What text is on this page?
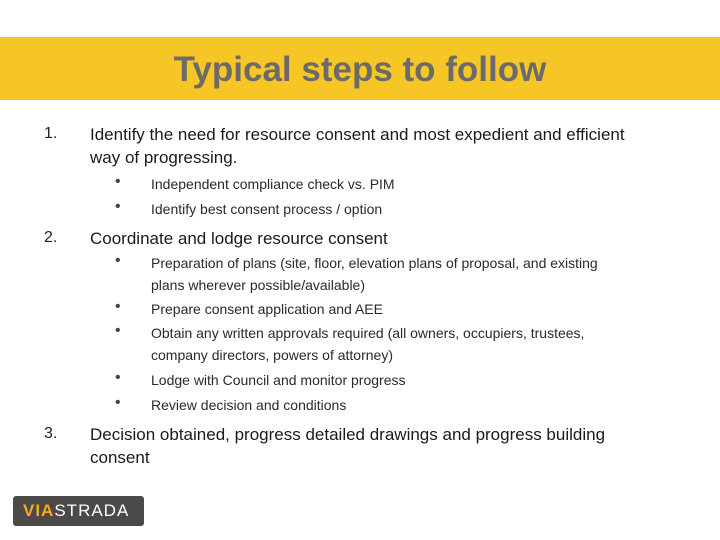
Typical steps to follow
1. Identify the need for resource consent and most expedient and efficient
way of progressing.
• Independent compliance check vs. PIM
• Identify best consent process / option
2. Coordinate and lodge resource consent
• Preparation of plans (site, floor, elevation plans of proposal, and existing
plans wherever possible/available)
• Prepare consent application and AEE
• Obtain any written approvals required (all owners, occupiers, trustees,
company directors, powers of attorney)
• Lodge with Council and monitor progress
• Review decision and conditions
3. Decision obtained, progress detailed drawings and progress building
consent
VIA STRADA
